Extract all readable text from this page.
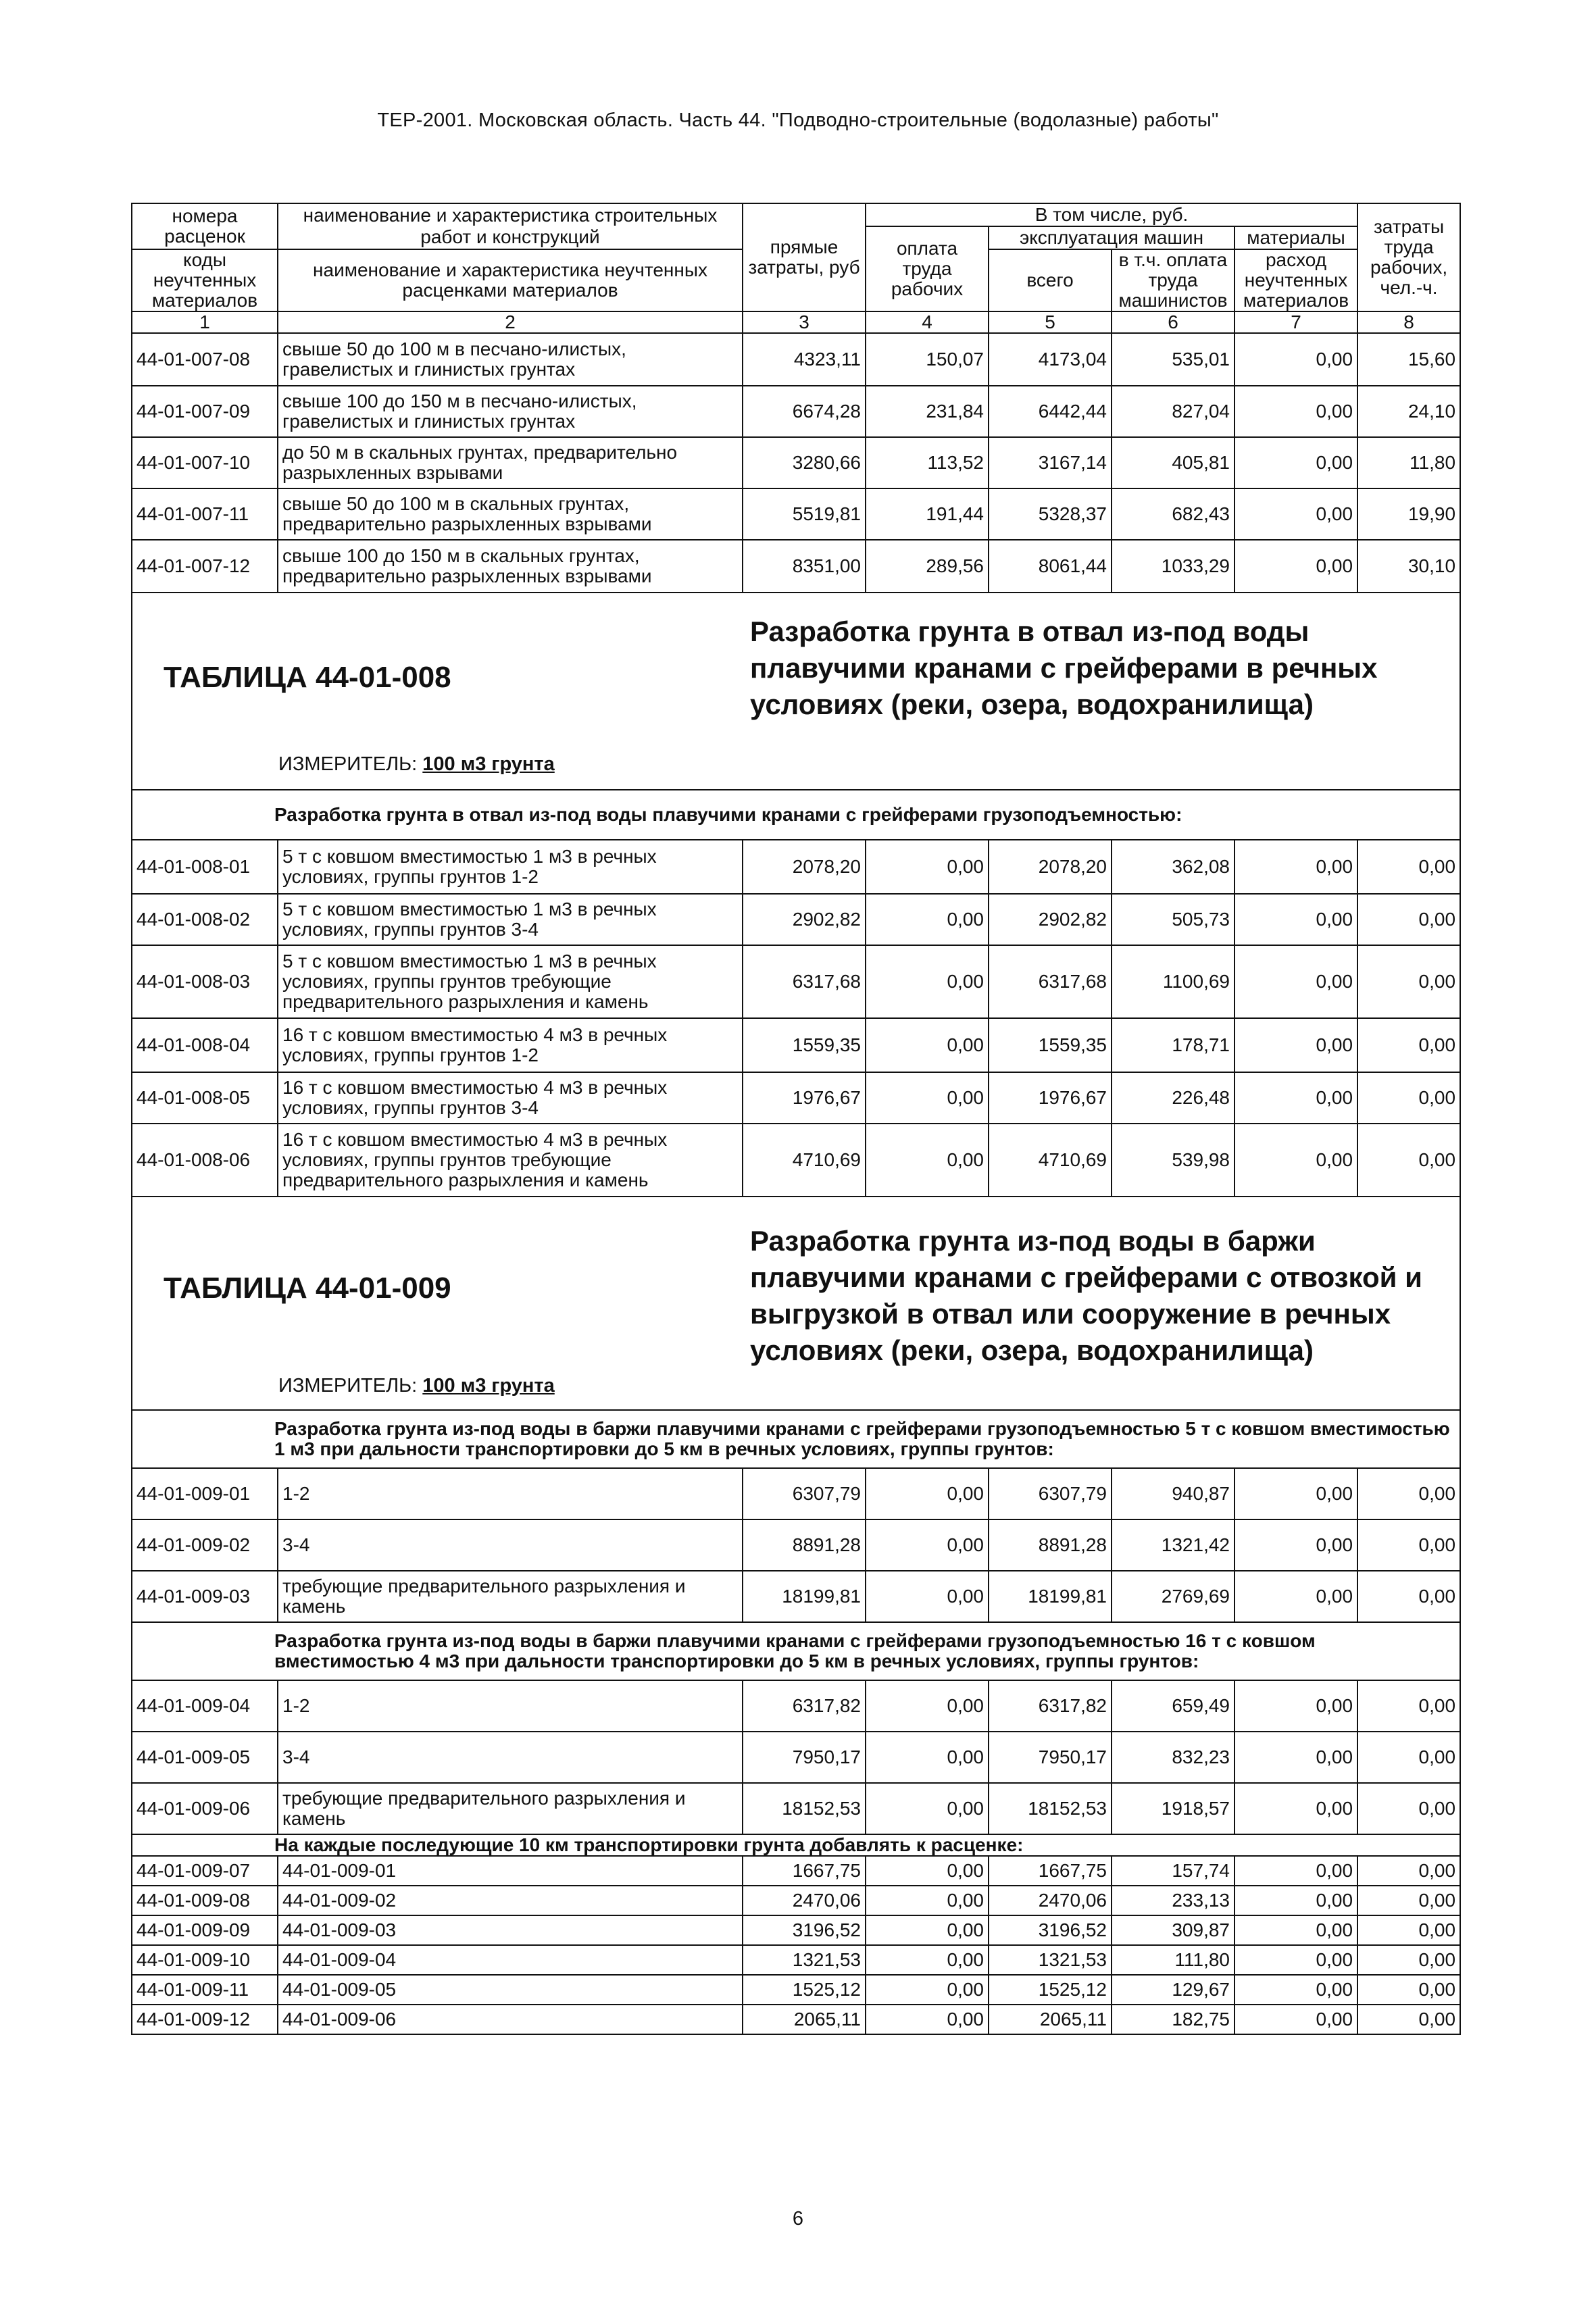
ТЕР-2001. Московская область. Часть 44. "Подводно-строительные (водолазные) работы"
номера расценок	наименование и характеристика строительных работ и конструкций	прямые затраты, руб	В том числе, руб.				затраты труда рабочих, чел.-ч.
			оплата труда рабочих	эксплуатация машин		материалы	
коды неучтенных материалов	наименование и характеристика неучтенных расценками материалов			всего	в т.ч. оплата труда машинистов	расход неучтенных материалов	

1	2	3	4	5	6	7	8
44-01-007-08	свыше 50 до 100 м в песчано-илистых, гравелистых и глинистых грунтах	4323,11	150,07	4173,04	535,01	0,00	15,60
44-01-007-09	свыше 100 до 150 м в песчано-илистых, гравелистых и глинистых грунтах	6674,28	231,84	6442,44	827,04	0,00	24,10
44-01-007-10	до 50 м в скальных грунтах, предварительно разрыхленных взрывами	3280,66	113,52	3167,14	405,81	0,00	11,80
44-01-007-11	свыше 50 до 100 м в скальных грунтах, предварительно разрыхленных взрывами	5519,81	191,44	5328,37	682,43	0,00	19,90
44-01-007-12	свыше 100 до 150 м в скальных грунтах, предварительно разрыхленных взрывами	8351,00	289,56	8061,44	1033,29	0,00	30,10

ТАБЛИЦА 44-01-008
Разработка грунта в отвал из-под воды плавучими кранами с грейферами в речных условиях (реки, озера, водохранилища)
ИЗМЕРИТЕЛЬ: 100 м3 грунта							

Разработка грунта в отвал из-под воды плавучими кранами с грейферами грузоподъемностью:							
44-01-008-01	5 т с ковшом вместимостью 1 м3 в речных условиях, группы грунтов 1-2	2078,20	0,00	2078,20	362,08	0,00	0,00
44-01-008-02	5 т с ковшом вместимостью 1 м3 в речных условиях, группы грунтов 3-4	2902,82	0,00	2902,82	505,73	0,00	0,00
44-01-008-03	5 т с ковшом вместимостью 1 м3 в речных условиях, группы грунтов требующие предварительного разрыхления и камень	6317,68	0,00	6317,68	1100,69	0,00	0,00
44-01-008-04	16 т с ковшом вместимостью 4 м3 в речных условиях, группы грунтов 1-2	1559,35	0,00	1559,35	178,71	0,00	0,00
44-01-008-05	16 т с ковшом вместимостью 4 м3 в речных условиях, группы грунтов 3-4	1976,67	0,00	1976,67	226,48	0,00	0,00
44-01-008-06	16 т с ковшом вместимостью 4 м3 в речных условиях, группы грунтов требующие предварительного разрыхления и камень	4710,69	0,00	4710,69	539,98	0,00	0,00

ТАБЛИЦА 44-01-009
Разработка грунта из-под воды в баржи плавучими кранами с грейферами с отвозкой и выгрузкой в отвал или сооружение в речных условиях (реки, озера, водохранилища)
ИЗМЕРИТЕЛЬ: 100 м3 грунта							

Разработка грунта из-под воды в баржи плавучими кранами с грейферами грузоподъемностью 5 т с ковшом вместимостью 1 м3 при дальности транспортировки до 5 км в речных условиях, группы грунтов:							
44-01-009-01	1-2	6307,79	0,00	6307,79	940,87	0,00	0,00
44-01-009-02	3-4	8891,28	0,00	8891,28	1321,42	0,00	0,00
44-01-009-03	требующие предварительного разрыхления и камень	18199,81	0,00	18199,81	2769,69	0,00	0,00
Разработка грунта из-под воды в баржи плавучими кранами с грейферами грузоподъемностью 16 т с ковшом вместимостью 4 м3 при дальности транспортировки до 5 км в речных условиях, группы грунтов:							
44-01-009-04	1-2	6317,82	0,00	6317,82	659,49	0,00	0,00
44-01-009-05	3-4	7950,17	0,00	7950,17	832,23	0,00	0,00
44-01-009-06	требующие предварительного разрыхления и камень	18152,53	0,00	18152,53	1918,57	0,00	0,00
На каждые последующие 10 км транспортировки грунта добавлять к расценке:							
44-01-009-07	44-01-009-01	1667,75	0,00	1667,75	157,74	0,00	0,00
44-01-009-08	44-01-009-02	2470,06	0,00	2470,06	233,13	0,00	0,00
44-01-009-09	44-01-009-03	3196,52	0,00	3196,52	309,87	0,00	0,00
44-01-009-10	44-01-009-04	1321,53	0,00	1321,53	111,80	0,00	0,00
44-01-009-11	44-01-009-05	1525,12	0,00	1525,12	129,67	0,00	0,00
44-01-009-12	44-01-009-06	2065,11	0,00	2065,11	182,75	0,00	0,00
6
